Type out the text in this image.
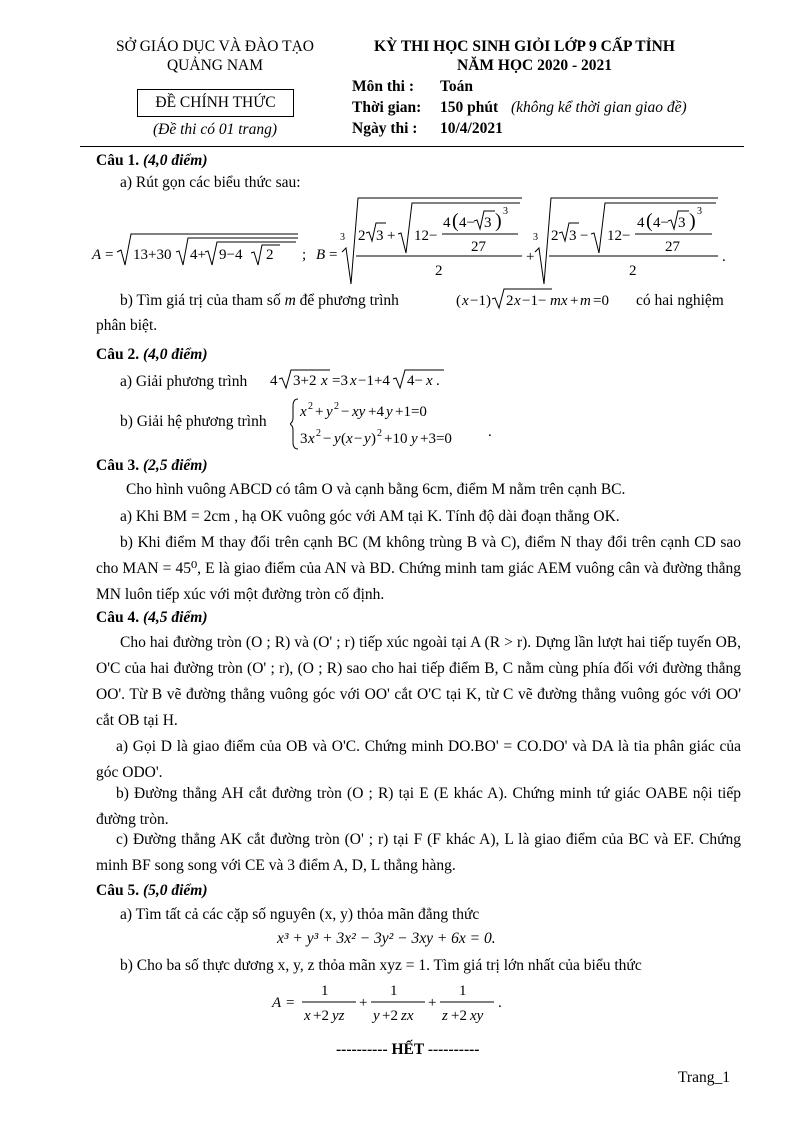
SỞ GIÁO DỤC VÀ ĐÀO TẠO
QUẢNG NAM
ĐỀ CHÍNH THỨC
(Đề thi có 01 trang)
KỲ THI HỌC SINH GIỎI LỚP 9 CẤP TỈNH
NĂM HỌC 2020 - 2021
Môn thi : Toán
Thời gian: 150 phút (không kể thời gian giao đề)
Ngày thi : 10/4/2021
Câu 1. (4,0 điểm)
a) Rút gọn các biểu thức sau:
A = 13+30 4+ 9−4 2 ; B =
3 2 3 + 12−
4 ( 4− 3 ) 3
27
2
+
3 2 3 − 12−
4 ( 4− 3 ) 3
27
2
.
b) Tìm giá trị của tham số m để phương trình	( x −1) 2 x −1− mx + m =0 có hai nghiệm
phân biệt.
Câu 2. (4,0 điểm)
a) Giải phương trình 4 3+2 x =3 x −1+4 4− x .
b) Giải hệ phương trình
x 2 + y 2 − xy +4 y +1=0
3 x 2 − y ( x − y ) 2 +10 y +3=0 .
Câu 3. (2,5 điểm)
Cho hình vuông ABCD có tâm O và cạnh bằng 6cm, điểm M nằm trên cạnh BC.
a) Khi BM = 2cm , hạ OK vuông góc với AM tại K. Tính độ dài đoạn thẳng OK.
b) Khi điểm M thay đổi trên cạnh BC (M không trùng B và C), điểm N thay đổi trên cạnh CD sao cho MAN = 45⁰, E là giao điểm của AN và BD. Chứng minh tam giác AEM vuông cân và đường thẳng MN luôn tiếp xúc với một đường tròn cố định.
Câu 4. (4,5 điểm)
Cho hai đường tròn (O ; R) và (O' ; r) tiếp xúc ngoài tại A (R > r). Dựng lần lượt hai tiếp tuyến OB, O'C của hai đường tròn (O' ; r), (O ; R) sao cho hai tiếp điểm B, C nằm cùng phía đối với đường thẳng OO'. Từ B vẽ đường thẳng vuông góc với OO' cắt O'C tại K, từ C vẽ đường thẳng vuông góc với OO' cắt OB tại H.
a) Gọi D là giao điểm của OB và O'C. Chứng minh DO.BO' = CO.DO' và DA là tia phân giác của góc ODO'.
b) Đường thẳng AH cắt đường tròn (O ; R) tại E (E khác A). Chứng minh tứ giác OABE nội tiếp đường tròn.
c) Đường thẳng AK cắt đường tròn (O' ; r) tại F (F khác A), L là giao điểm của BC và EF. Chứng minh BF song song với CE và 3 điểm A, D, L thẳng hàng.
Câu 5. (5,0 điểm)
a) Tìm tất cả các cặp số nguyên (x, y) thỏa mãn đẳng thức
x³ + y³ + 3x² − 3y² − 3xy + 6x = 0.
b) Cho ba số thực dương x, y, z thỏa mãn xyz = 1. Tìm giá trị lớn nhất của biểu thức
A =
1
x +2 yz
+
1
y +2 zx
+
1
z +2 xy
.
---------- HẾT ----------
Trang_1
